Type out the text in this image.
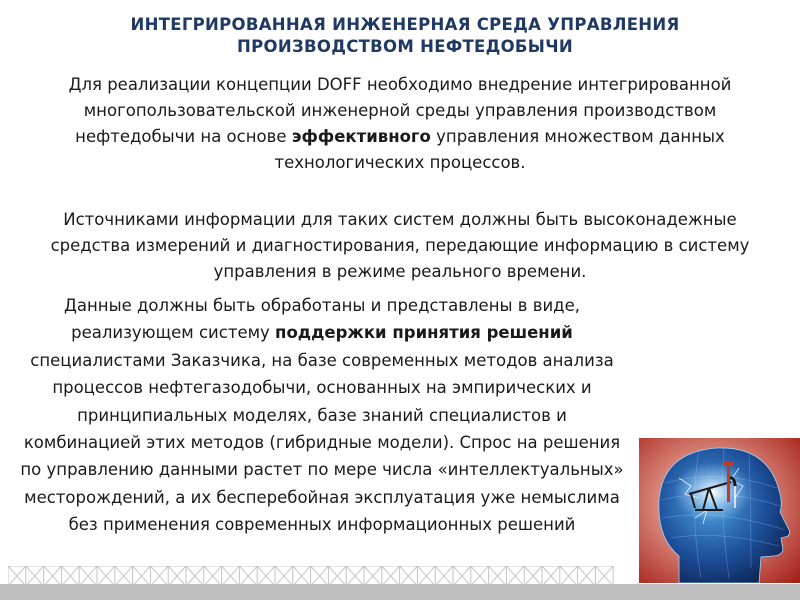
ИНТЕГРИРОВАННАЯ ИНЖЕНЕРНАЯ СРЕДА УПРАВЛЕНИЯ
ПРОИЗВОДСТВОМ НЕФТЕДОБЫЧИ
Для реализации концепции DOFF необходимо внедрение интегрированной многопользовательской инженерной среды управления производством нефтедобычи на основе эффективного управления множеством данных технологических процессов.
Источниками информации для таких систем должны быть высоконадежные средства измерений и диагностирования, передающие информацию в систему управления в режиме реального времени.
Данные должны быть обработаны и представлены в виде, реализующем систему поддержки принятия решений специалистами Заказчика, на базе современных методов анализа процессов нефтегазодобычи, основанных на эмпирических и принципиальных моделях, базе знаний специалистов и комбинацией этих методов (гибридные модели). Спрос на решения по управлению данными растет по мере числа «интеллектуальных» месторождений, а их бесперебойная эксплуатация уже немыслима без применения современных информационных решений
